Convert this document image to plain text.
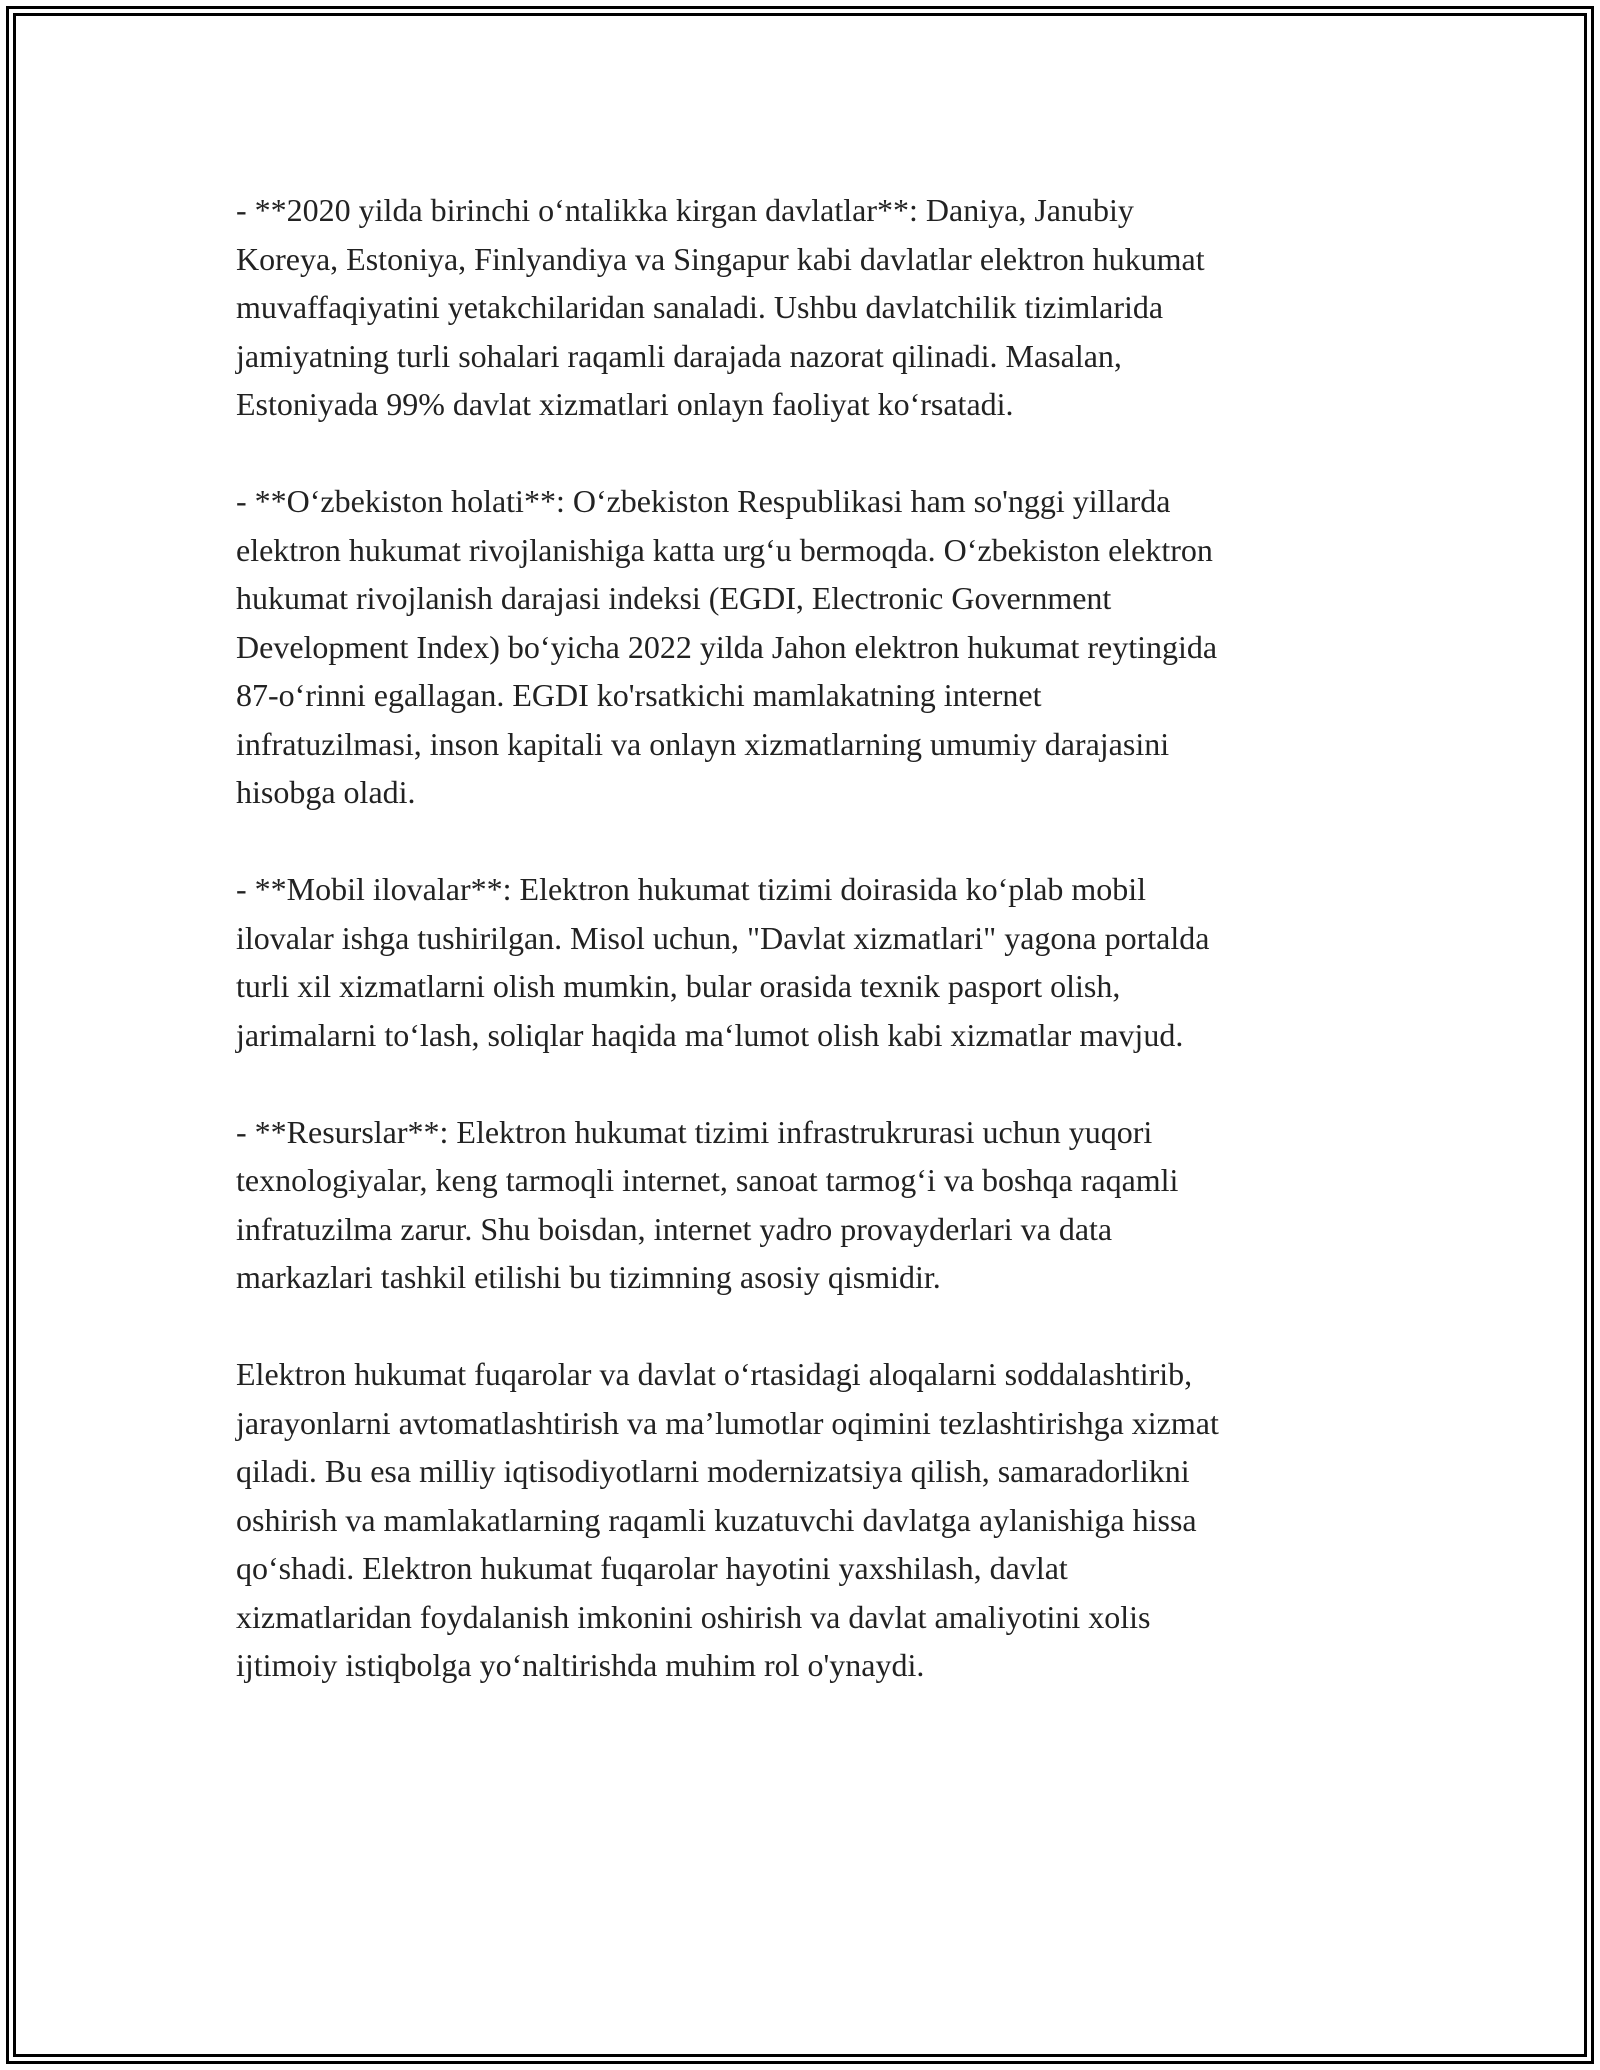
- **2020 yilda birinchi o‘ntalikka kirgan davlatlar**: Daniya, Janubiy
Koreya, Estoniya, Finlyandiya va Singapur kabi davlatlar elektron hukumat
muvaffaqiyatini yetakchilaridan sanaladi. Ushbu davlatchilik tizimlarida
jamiyatning turli sohalari raqamli darajada nazorat qilinadi. Masalan,
Estoniyada 99% davlat xizmatlari onlayn faoliyat ko‘rsatadi.

- **O‘zbekiston holati**: O‘zbekiston Respublikasi ham so'nggi yillarda
elektron hukumat rivojlanishiga katta urg‘u bermoqda. O‘zbekiston elektron
hukumat rivojlanish darajasi indeksi (EGDI, Electronic Government
Development Index) bo‘yicha 2022 yilda Jahon elektron hukumat reytingida
87-o‘rinni egallagan. EGDI ko'rsatkichi mamlakatning internet
infratuzilmasi, inson kapitali va onlayn xizmatlarning umumiy darajasini
hisobga oladi.

- **Mobil ilovalar**: Elektron hukumat tizimi doirasida ko‘plab mobil
ilovalar ishga tushirilgan. Misol uchun, "Davlat xizmatlari" yagona portalda
turli xil xizmatlarni olish mumkin, bular orasida texnik pasport olish,
jarimalarni to‘lash, soliqlar haqida ma‘lumot olish kabi xizmatlar mavjud.

- **Resurslar**: Elektron hukumat tizimi infrastrukrurasi uchun yuqori
texnologiyalar, keng tarmoqli internet, sanoat tarmog‘i va boshqa raqamli
infratuzilma zarur. Shu boisdan, internet yadro provayderlari va data
markazlari tashkil etilishi bu tizimning asosiy qismidir.

Elektron hukumat fuqarolar va davlat o‘rtasidagi aloqalarni soddalashtirib,
jarayonlarni avtomatlashtirish va ma’lumotlar oqimini tezlashtirishga xizmat
qiladi. Bu esa milliy iqtisodiyotlarni modernizatsiya qilish, samaradorlikni
oshirish va mamlakatlarning raqamli kuzatuvchi davlatga aylanishiga hissa
qo‘shadi. Elektron hukumat fuqarolar hayotini yaxshilash, davlat
xizmatlaridan foydalanish imkonini oshirish va davlat amaliyotini xolis
ijtimoiy istiqbolga yo‘naltirishda muhim rol o'ynaydi.
